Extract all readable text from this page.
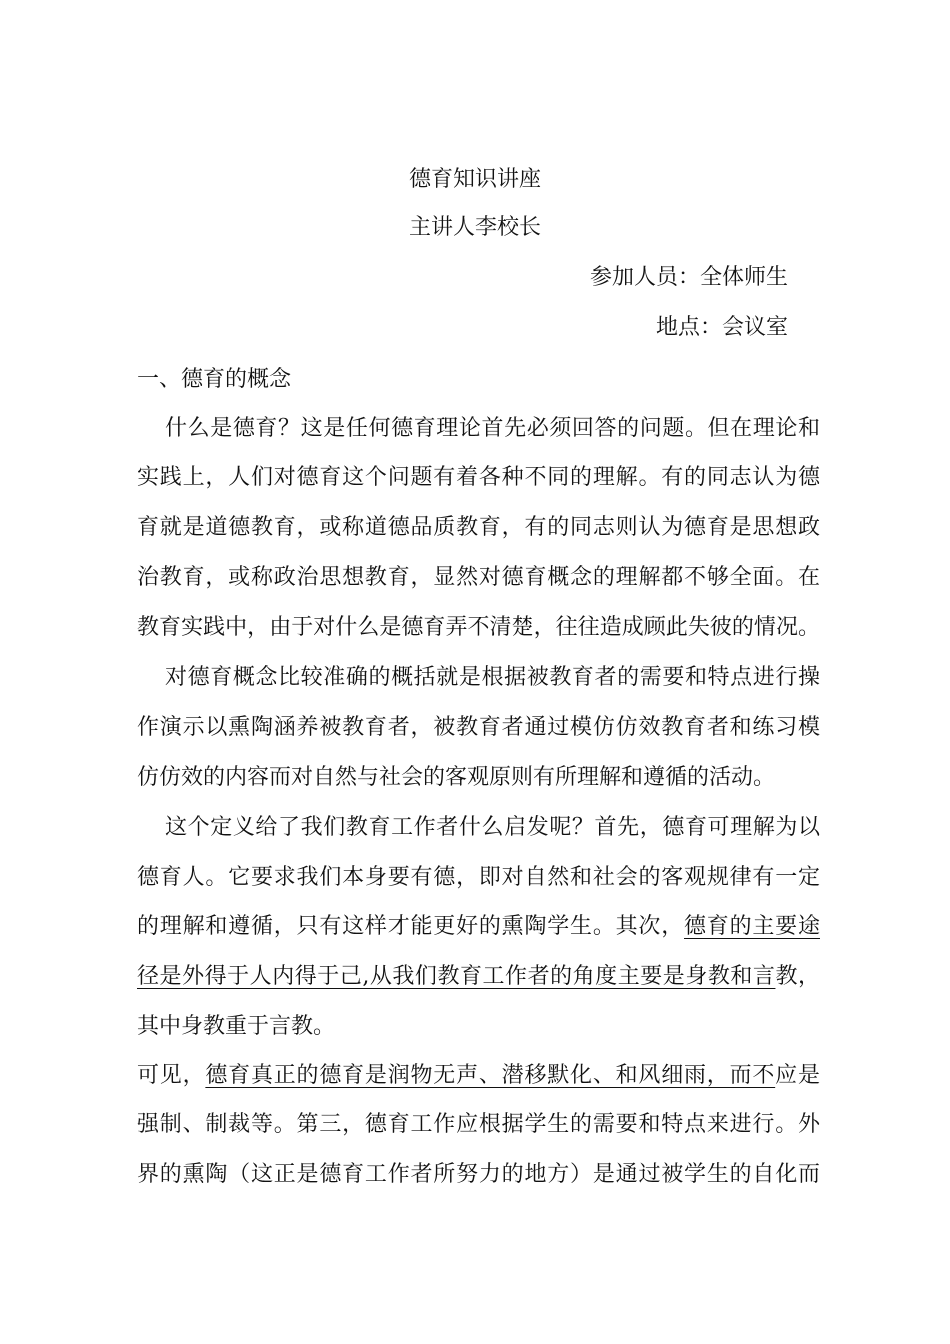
德育知识讲座
主讲人李校长
参加人员：全体师生
地点：会议室
一、德育的概念
什么是德育？这是任何德育理论首先必须回答的问题。但在理论和
实践上，人们对德育这个问题有着各种不同的理解。有的同志认为德
育就是道德教育，或称道德品质教育，有的同志则认为德育是思想政
治教育，或称政治思想教育，显然对德育概念的理解都不够全面。在
教育实践中，由于对什么是德育弄不清楚，往往造成顾此失彼的情况。
对德育概念比较准确的概括就是根据被教育者的需要和特点进行操
作演示以熏陶涵养被教育者，被教育者通过模仿仿效教育者和练习模
仿仿效的内容而对自然与社会的客观原则有所理解和遵循的活动。
这个定义给了我们教育工作者什么启发呢？首先，德育可理解为以
德育人。它要求我们本身要有德，即对自然和社会的客观规律有一定
的理解和遵循，只有这样才能更好的熏陶学生。其次，德育的主要途
径是外得于人内得于己,从我们教育工作者的角度主要是身教和言教，
其中身教重于言教。
可见，德育真正的德育是润物无声、潜移默化、和风细雨，而不应是
强制、制裁等。第三，德育工作应根据学生的需要和特点来进行。外
界的熏陶（这正是德育工作者所努力的地方）是通过被学生的自化而
